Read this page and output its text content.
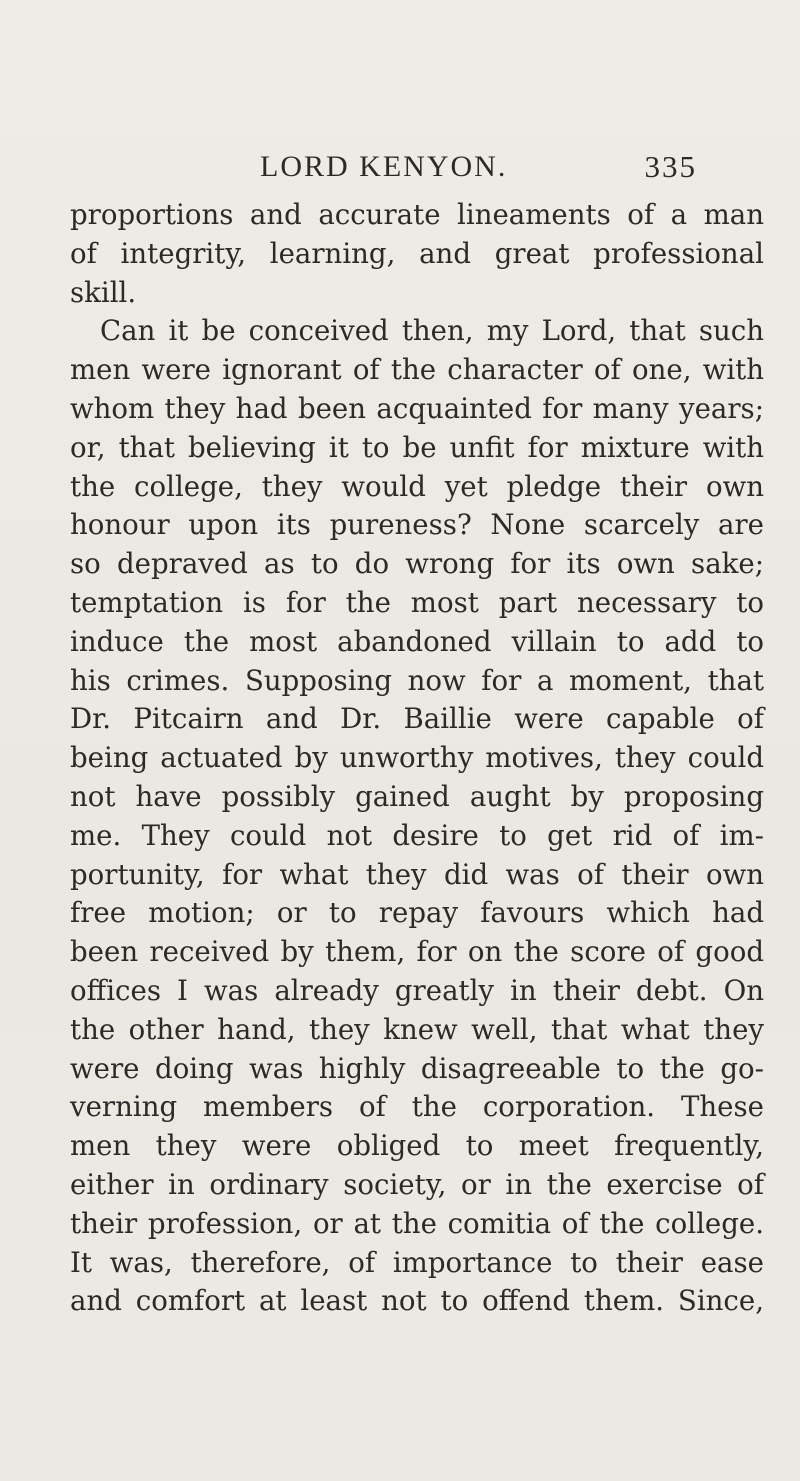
LORD KENYON.	335
proportions and accurate lineaments of a man
of integrity, learning, and great professional
skill.
Can it be conceived then, my Lord, that such
men were ignorant of the character of one, with
whom they had been acquainted for many years;
or, that believing it to be unfit for mixture with
the college, they would yet pledge their own
honour upon its pureness? None scarcely are
so depraved as to do wrong for its own sake;
temptation is for the most part necessary to
induce the most abandoned villain to add to
his crimes. Supposing now for a moment, that
Dr. Pitcairn and Dr. Baillie were capable of
being actuated by unworthy motives, they could
not have possibly gained aught by proposing
me. They could not desire to get rid of im-
portunity, for what they did was of their own
free motion; or to repay favours which had
been received by them, for on the score of good
offices I was already greatly in their debt. On
the other hand, they knew well, that what they
were doing was highly disagreeable to the go-
verning members of the corporation. These
men they were obliged to meet frequently,
either in ordinary society, or in the exercise of
their profession, or at the comitia of the college.
It was, therefore, of importance to their ease
and comfort at least not to offend them. Since,
